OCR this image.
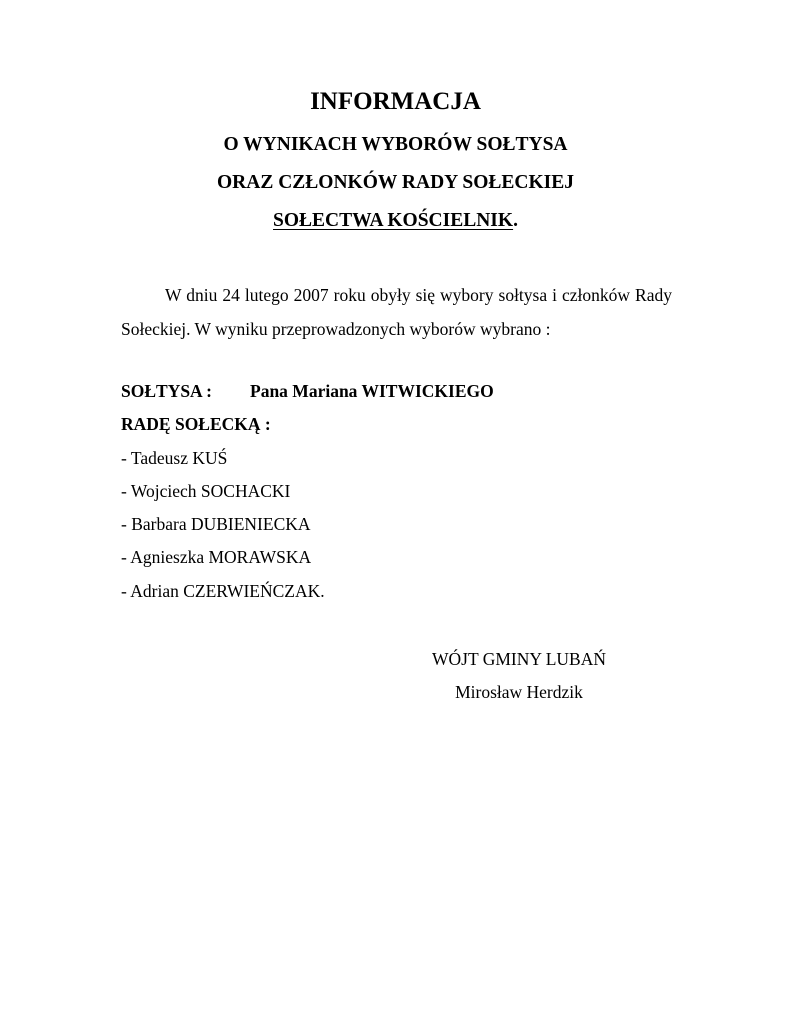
INFORMACJA
O WYNIKACH WYBORÓW SOŁTYSA
ORAZ CZŁONKÓW RADY SOŁECKIEJ
SOŁECTWA KOŚCIELNIK.

W dniu 24 lutego 2007 roku obyły się wybory sołtysa i członków Rady Sołeckiej. W wyniku przeprowadzonych wyborów wybrano :

SOŁTYSA : Pana Mariana WITWICKIEGO
RADĘ SOŁECKĄ :
- Tadeusz KUŚ
- Wojciech SOCHACKI
- Barbara DUBIENIECKA
- Agnieszka MORAWSKA
- Adrian CZERWIEŃCZAK.
WÓJT GMINY LUBAŃ
Mirosław Herdzik
